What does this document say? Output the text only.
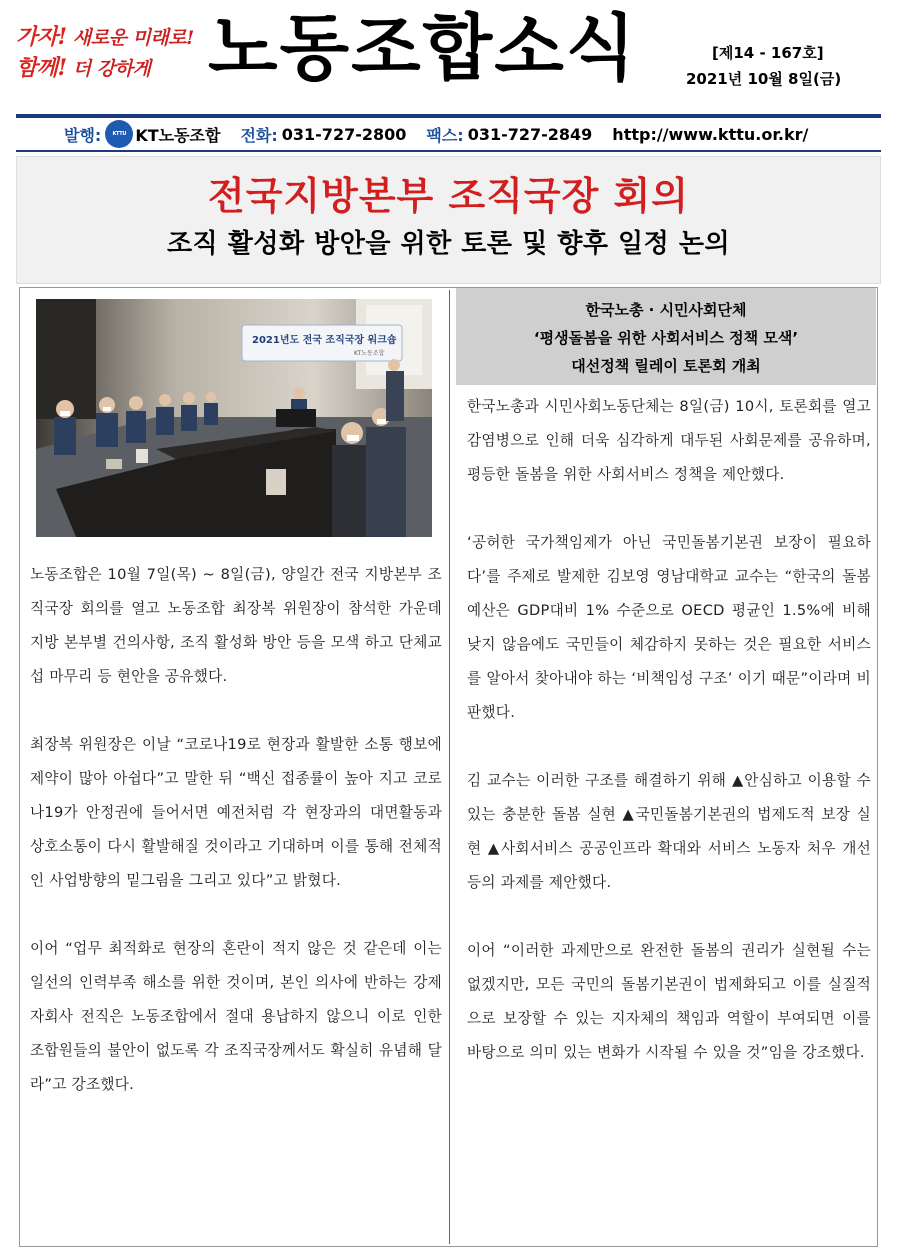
가자! 새로운 미래로!
함께! 더 강하게 노동조합소식	[제14 - 167호]
2021년 10월 8일(금)
발행:	KTTU KT노동조합 전화: 031-727-2800 팩스: 031-727-2849 http://www.kttu.or.kr/
전국지방본부 조직국장 회의
조직 활성화 방안을 위한 토론 및 향후 일정 논의
2021년도 전국 조직국장 워크숍
KT노동조합

노동조합은 10월 7일(목) ~ 8일(금), 양일간 전국 지방본부 조직국장 회의를 열고 노동조합 최장복 위원장이 참석한 가운데 지방 본부별 건의사항, 조직 활성화 방안 등을 모색 하고 단체교섭 마무리 등 현안을 공유했다.

최장복 위원장은 이날 “코로나19로 현장과 활발한 소통 행보에 제약이 많아 아쉽다”고 말한 뒤 “백신 접종률이 높아 지고 코로나19가 안정권에 들어서면 예전처럼 각 현장과의 대면활동과 상호소통이 다시 활발해질 것이라고 기대하며 이를 통해 전체적인 사업방향의 밑그림을 그리고 있다”고 밝혔다.

이어 “업무 최적화로 현장의 혼란이 적지 않은 것 같은데 이는 일선의 인력부족 해소를 위한 것이며, 본인 의사에 반하는 강제 자회사 전직은 노동조합에서 절대 용납하지 않으니 이로 인한 조합원들의 불안이 없도록 각 조직국장께서도 확실히 유념해 달라”고 강조했다.

한국노총 · 시민사회단체
‘평생돌봄을 위한 사회서비스 정책 모색’
대선정책 릴레이 토론회 개최

한국노총과 시민사회노동단체는 8일(금) 10시, 토론회를 열고 감염병으로 인해 더욱 심각하게 대두된 사회문제를 공유하며, 평등한 돌봄을 위한 사회서비스 정책을 제안했다.

‘공허한 국가책임제가 아닌 국민돌봄기본권 보장이 필요하다’를 주제로 발제한 김보영 영남대학교 교수는 “한국의 돌봄예산은 GDP대비 1% 수준으로 OECD 평균인 1.5%에 비해 낮지 않음에도 국민들이 체감하지 못하는 것은 필요한 서비스를 알아서 찾아내야 하는 ‘비책임성 구조’ 이기 때문”이라며 비판했다.

김 교수는 이러한 구조를 해결하기 위해 ▲안심하고 이용할 수 있는 충분한 돌봄 실현 ▲국민돌봄기본권의 법제도적 보장 실현 ▲사회서비스 공공인프라 확대와 서비스 노동자 처우 개선 등의 과제를 제안했다.

이어 “이러한 과제만으로 완전한 돌봄의 권리가 실현될 수는 없겠지만, 모든 국민의 돌봄기본권이 법제화되고 이를 실질적으로 보장할 수 있는 지자체의 책임과 역할이 부여되면 이를 바탕으로 의미 있는 변화가 시작될 수 있을 것”임을 강조했다.
